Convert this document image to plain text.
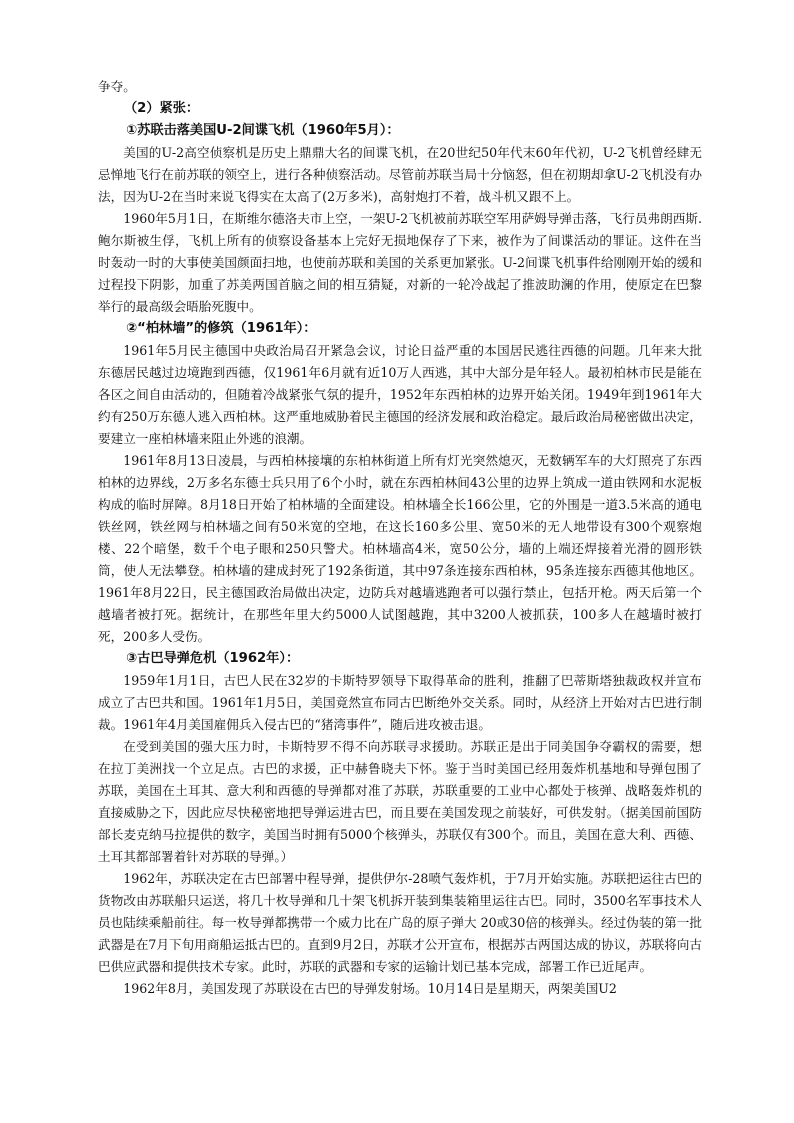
争夺。

（2）紧张：
①苏联击落美国U-2间谍飞机（1960年5月）：

美国的U-2高空侦察机是历史上鼎鼎大名的间谍飞机，在20世纪50年代末60年代初，U-2飞机曾经肆无忌惮地飞行在前苏联的领空上，进行各种侦察活动。尽管前苏联当局十分恼怒，但在初期却拿U-2飞机没有办法，因为U-2在当时来说飞得实在太高了(2万多米)，高射炮打不着，战斗机又跟不上。

1960年5月1日，在斯维尔德洛夫市上空，一架U-2飞机被前苏联空军用萨姆导弹击落，飞行员弗朗西斯.鲍尔斯被生俘，飞机上所有的侦察设备基本上完好无损地保存了下来，被作为了间谍活动的罪证。这件在当时轰动一时的大事使美国颜面扫地，也使前苏联和美国的关系更加紧张。U-2间谍飞机事件给刚刚开始的缓和过程投下阴影，加重了苏美两国首脑之间的相互猜疑，对新的一轮冷战起了推波助澜的作用，使原定在巴黎举行的最高级会晤胎死腹中。

②“柏林墙”的修筑（1961年）：

1961年5月民主德国中央政治局召开紧急会议，讨论日益严重的本国居民逃往西德的问题。几年来大批东德居民越过边境跑到西德，仅1961年6月就有近10万人西逃，其中大部分是年轻人。最初柏林市民是能在各区之间自由活动的，但随着冷战紧张气氛的提升，1952年东西柏林的边界开始关闭。1949年到1961年大约有250万东德人逃入西柏林。这严重地威胁着民主德国的经济发展和政治稳定。最后政治局秘密做出决定，要建立一座柏林墙来阻止外逃的浪潮。

1961年8月13日凌晨，与西柏林接壤的东柏林街道上所有灯光突然熄灭，无数辆军车的大灯照亮了东西柏林的边界线，2万多名东德士兵只用了6个小时，就在东西柏林间43公里的边界上筑成一道由铁网和水泥板构成的临时屏障。8月18日开始了柏林墙的全面建设。柏林墙全长166公里，它的外围是一道3.5米高的通电铁丝网，铁丝网与柏林墙之间有50米宽的空地，在这长160多公里、宽50米的无人地带设有300个观察炮楼、22个暗堡，数千个电子眼和250只警犬。柏林墙高4米，宽50公分，墙的上端还焊接着光滑的圆形铁筒，使人无法攀登。柏林墙的建成封死了192条街道，其中97条连接东西柏林，95条连接东西德其他地区。1961年8月22日，民主德国政治局做出决定，边防兵对越墙逃跑者可以强行禁止，包括开枪。两天后第一个越墙者被打死。据统计，在那些年里大约5000人试图越跑，其中3200人被抓获，100多人在越墙时被打死，200多人受伤。

③古巴导弹危机（1962年）：

1959年1月1日，古巴人民在32岁的卡斯特罗领导下取得革命的胜利，推翻了巴蒂斯塔独裁政权并宣布成立了古巴共和国。1961年1月5日，美国竟然宣布同古巴断绝外交关系。同时，从经济上开始对古巴进行制裁。1961年4月美国雇佣兵入侵古巴的“猪湾事件”，随后进攻被击退。

在受到美国的强大压力时，卡斯特罗不得不向苏联寻求援助。苏联正是出于同美国争夺霸权的需要，想在拉丁美洲找一个立足点。古巴的求援，正中赫鲁晓夫下怀。鉴于当时美国已经用轰炸机基地和导弹包围了苏联，美国在土耳其、意大利和西德的导弹都对准了苏联，苏联重要的工业中心都处于核弹、战略轰炸机的直接威胁之下，因此应尽快秘密地把导弹运进古巴，而且要在美国发现之前装好，可供发射。（据美国前国防部长麦克纳马拉提供的数字，美国当时拥有5000个核弹头，苏联仅有300个。而且，美国在意大利、西德、土耳其都部署着针对苏联的导弹。）

1962年，苏联决定在古巴部署中程导弹，提供伊尔-28喷气轰炸机，于7月开始实施。苏联把运往古巴的货物改由苏联船只运送，将几十枚导弹和几十架飞机拆开装到集装箱里运往古巴。同时，3500名军事技术人员也陆续乘船前往。每一枚导弹都携带一个威力比在广岛的原子弹大 20或30倍的核弹头。经过伪装的第一批武器是在7月下旬用商船运抵古巴的。直到9月2日，苏联才公开宣布，根据苏古两国达成的协议，苏联将向古巴供应武器和提供技术专家。此时，苏联的武器和专家的运输计划已基本完成，部署工作已近尾声。

1962年8月，美国发现了苏联设在古巴的导弹发射场。10月14日是星期天，两架美国U2
